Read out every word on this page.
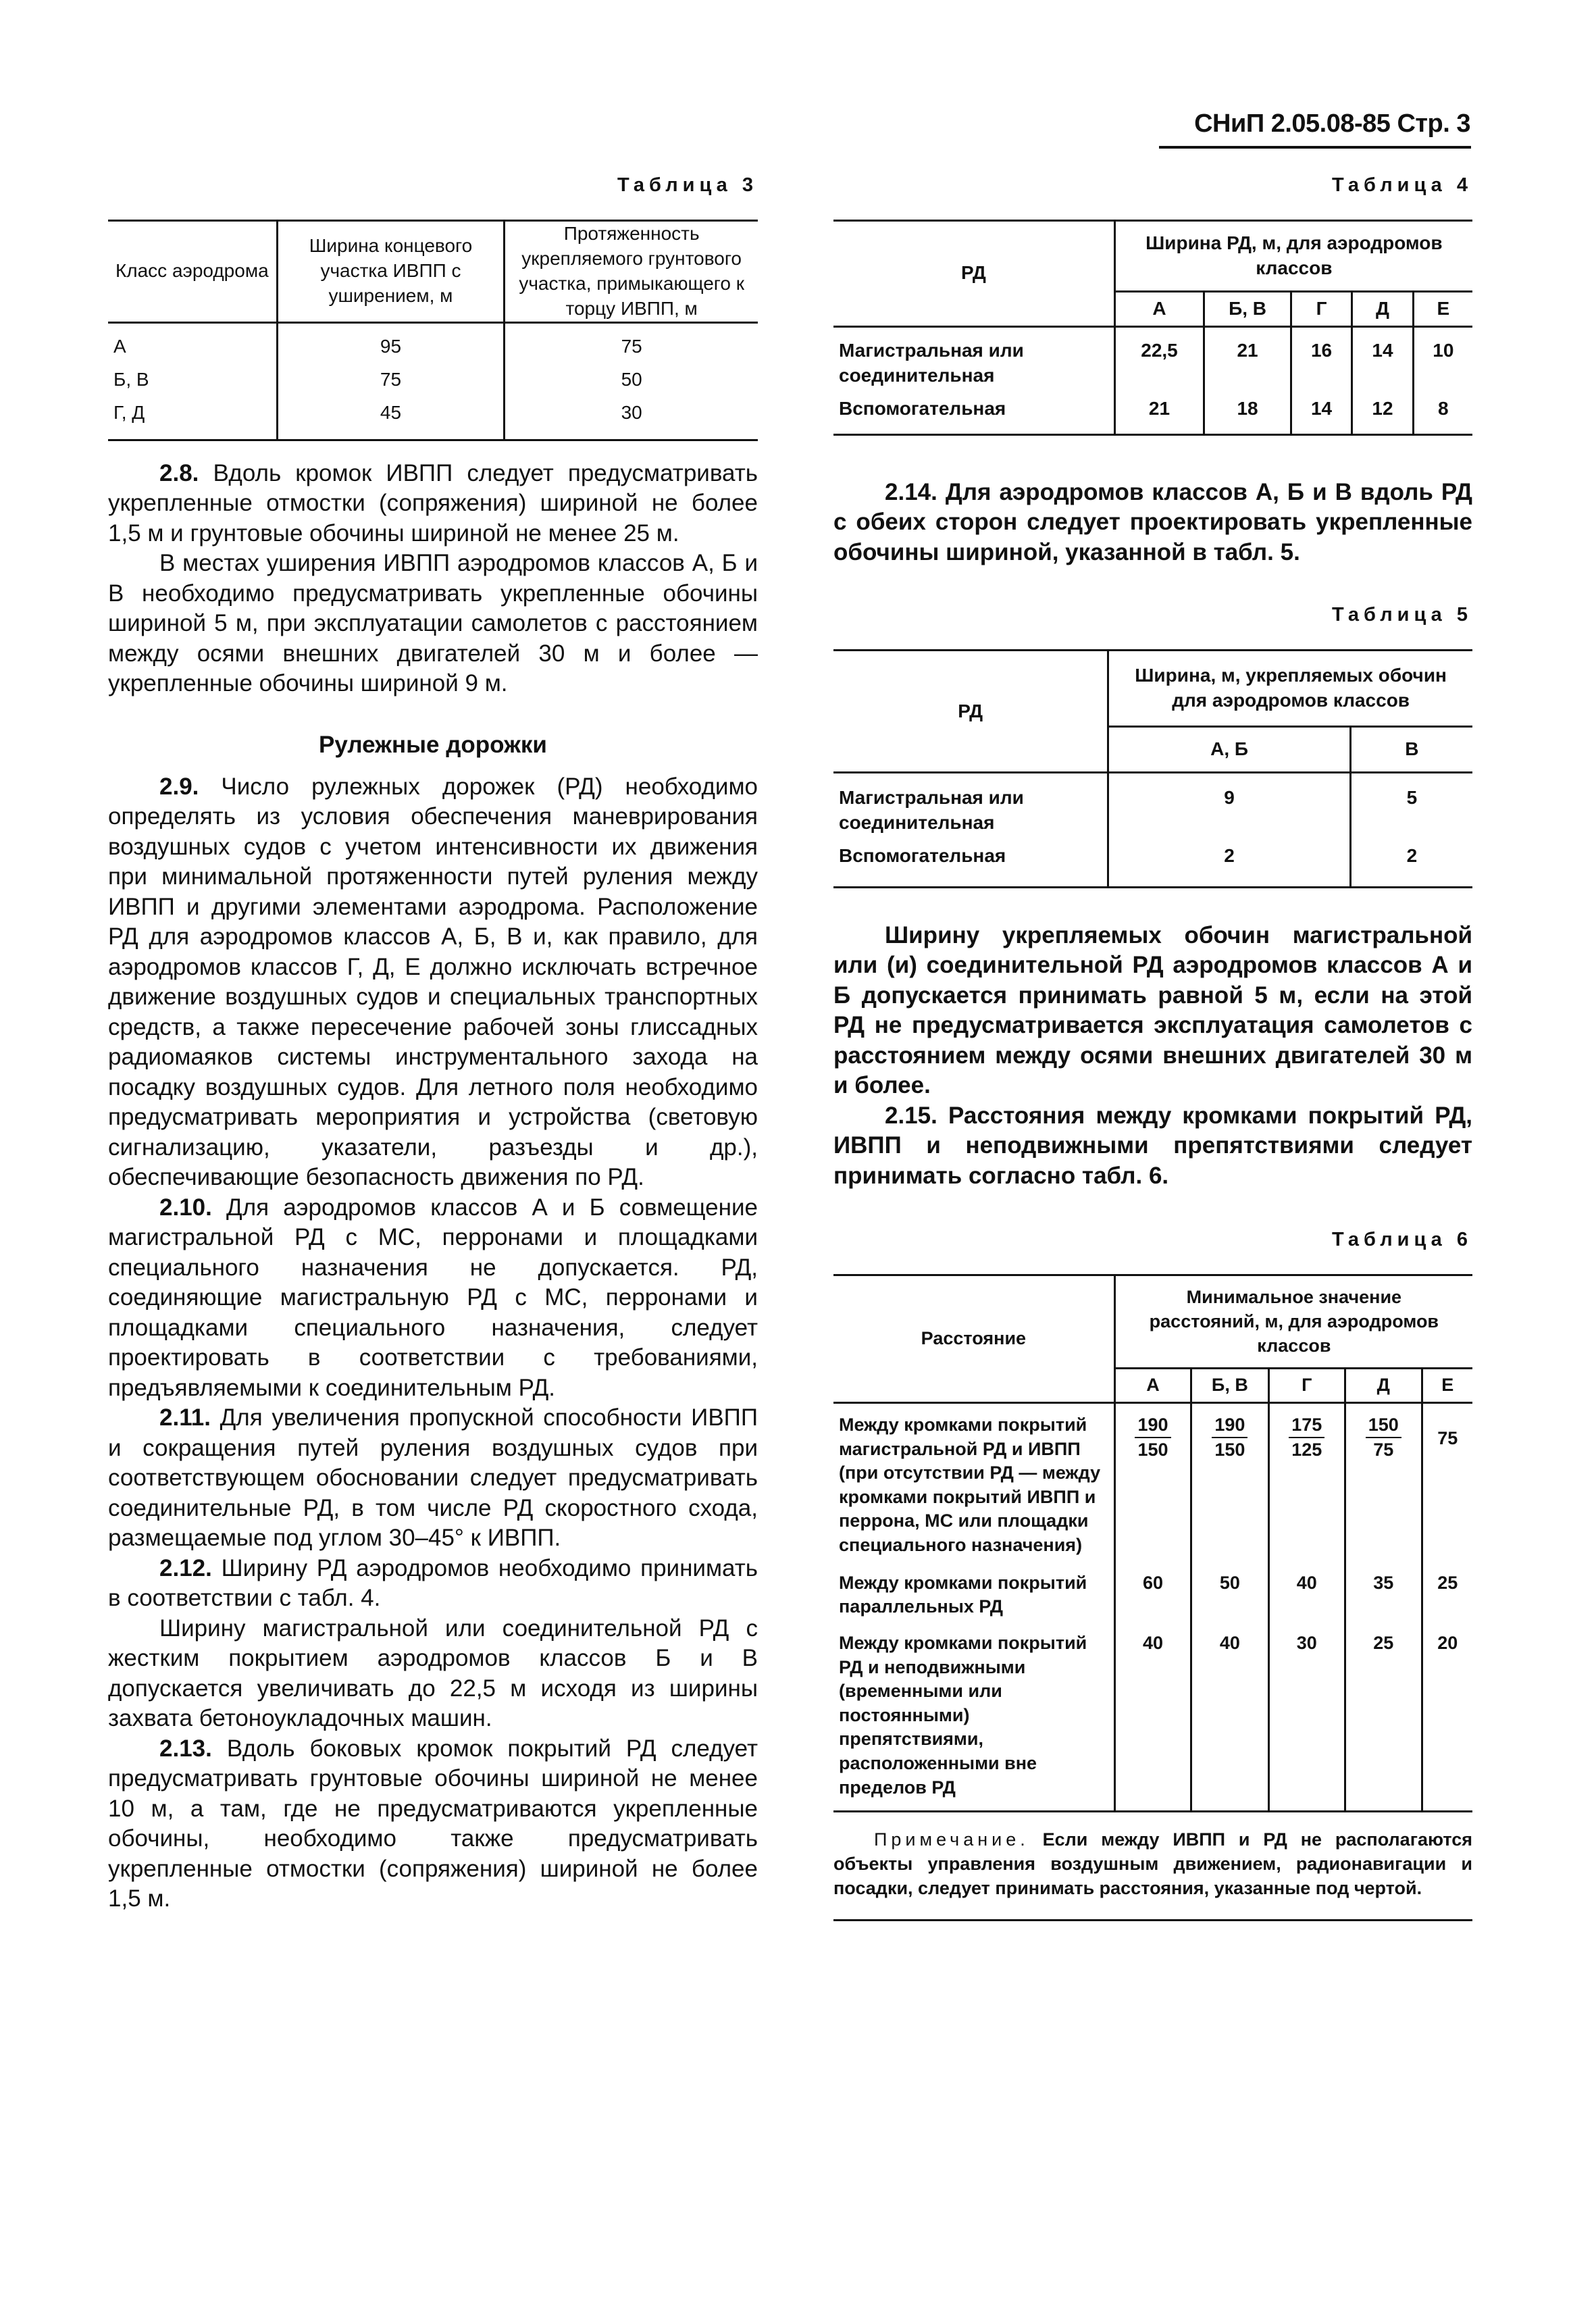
СНиП 2.05.08-85 Стр. 3
Таблица 3
Класс аэродрома	Ширина концевого участка ИВПП с уширением, м	Протяженность укрепляемого грунтового участка, примыкающего к торцу ИВПП, м
А	95	75
Б, В	75	50
Г, Д	45	30

2.8. Вдоль кромок ИВПП следует предусматривать укрепленные отмостки (сопряжения) шириной не более 1,5 м и грунтовые обочины шириной не менее 25 м.

В местах уширения ИВПП аэродромов классов А, Б и В необходимо предусматривать укрепленные обочины шириной 5 м, при эксплуатации самолетов с расстоянием между осями внешних двигателей 30 м и более — укрепленные обочины шириной 9 м.

Рулежные дорожки

2.9. Число рулежных дорожек (РД) необходимо определять из условия обеспечения маневрирования воздушных судов с учетом интенсивности их движения при минимальной протяженности путей руления между ИВПП и другими элементами аэродрома. Расположение РД для аэродромов классов А, Б, В и, как правило, для аэродромов классов Г, Д, Е должно исключать встречное движение воздушных судов и специальных транспортных средств, а также пересечение рабочей зоны глиссадных радиомаяков системы инструментального захода на посадку воздушных судов. Для летного поля необходимо предусматривать мероприятия и устройства (световую сигнализацию, указатели, разъезды и др.), обеспечивающие безопасность движения по РД.

2.10. Для аэродромов классов А и Б совмещение магистральной РД с МС, перронами и площадками специального назначения не допускается. РД, соединяющие магистральную РД с МС, перронами и площадками специального назначения, следует проектировать в соответствии с требованиями, предъявляемыми к соединительным РД.

2.11. Для увеличения пропускной способности ИВПП и сокращения путей руления воздушных судов при соответствующем обосновании следует предусматривать соединительные РД, в том числе РД скоростного схода, размещаемые под углом 30–45° к ИВПП.

2.12. Ширину РД аэродромов необходимо принимать в соответствии с табл. 4.

Ширину магистральной или соединительной РД с жестким покрытием аэродромов классов Б и В допускается увеличивать до 22,5 м исходя из ширины захвата бетоноукладочных машин.

2.13. Вдоль боковых кромок покрытий РД следует предусматривать грунтовые обочины шириной не менее 10 м, а там, где не предусматриваются укрепленные обочины, необходимо также предусматривать укрепленные отмостки (сопряжения) шириной не более 1,5 м.

Таблица 4
РД	Ширина РД, м, для аэродромов классов				
	А	Б, В	Г	Д	Е
Магистральная или соединительная	22,5	21	16	14	10
Вспомогательная	21	18	14	12	8

2.14. Для аэродромов классов А, Б и В вдоль РД с обеих сторон следует проектировать укрепленные обочины шириной, указанной в табл. 5.

Таблица 5
РД	Ширина, м, укрепляемых обочин для аэродромов классов	
	А, Б	В
Магистральная или соединительная	9	5
Вспомогательная	2	2

Ширину укрепляемых обочин магистральной или (и) соединительной РД аэродромов классов А и Б допускается принимать равной 5 м, если на этой РД не предусматривается эксплуатация самолетов с расстоянием между осями внешних двигателей 30 м и более.

2.15. Расстояния между кромками покрытий РД, ИВПП и неподвижными препятствиями следует принимать согласно табл. 6.

Таблица 6
Расстояние	Минимальное значение расстояний, м, для аэродромов классов				
	А	Б, В	Г	Д	Е
Между кромками покрытий магистральной РД и ИВПП (при отсутствии РД — между кромками покрытий ИВПП и перрона, МС или площадки специального назначения)	$\frac{190}{150}$	$\frac{190}{150}$	$\frac{175}{125}$	$\frac{150}{75}$	75
Между кромками покрытий параллельных РД	60	50	40	35	25
Между кромками покрытий РД и неподвижными (временными или постоянными) препятствиями, расположенными вне пределов РД	40	40	30	25	20
Примечание. Если между ИВПП и РД не располагаются объекты управления воздушным движением, радионавигации и посадки, следует принимать расстояния, указанные под чертой.
